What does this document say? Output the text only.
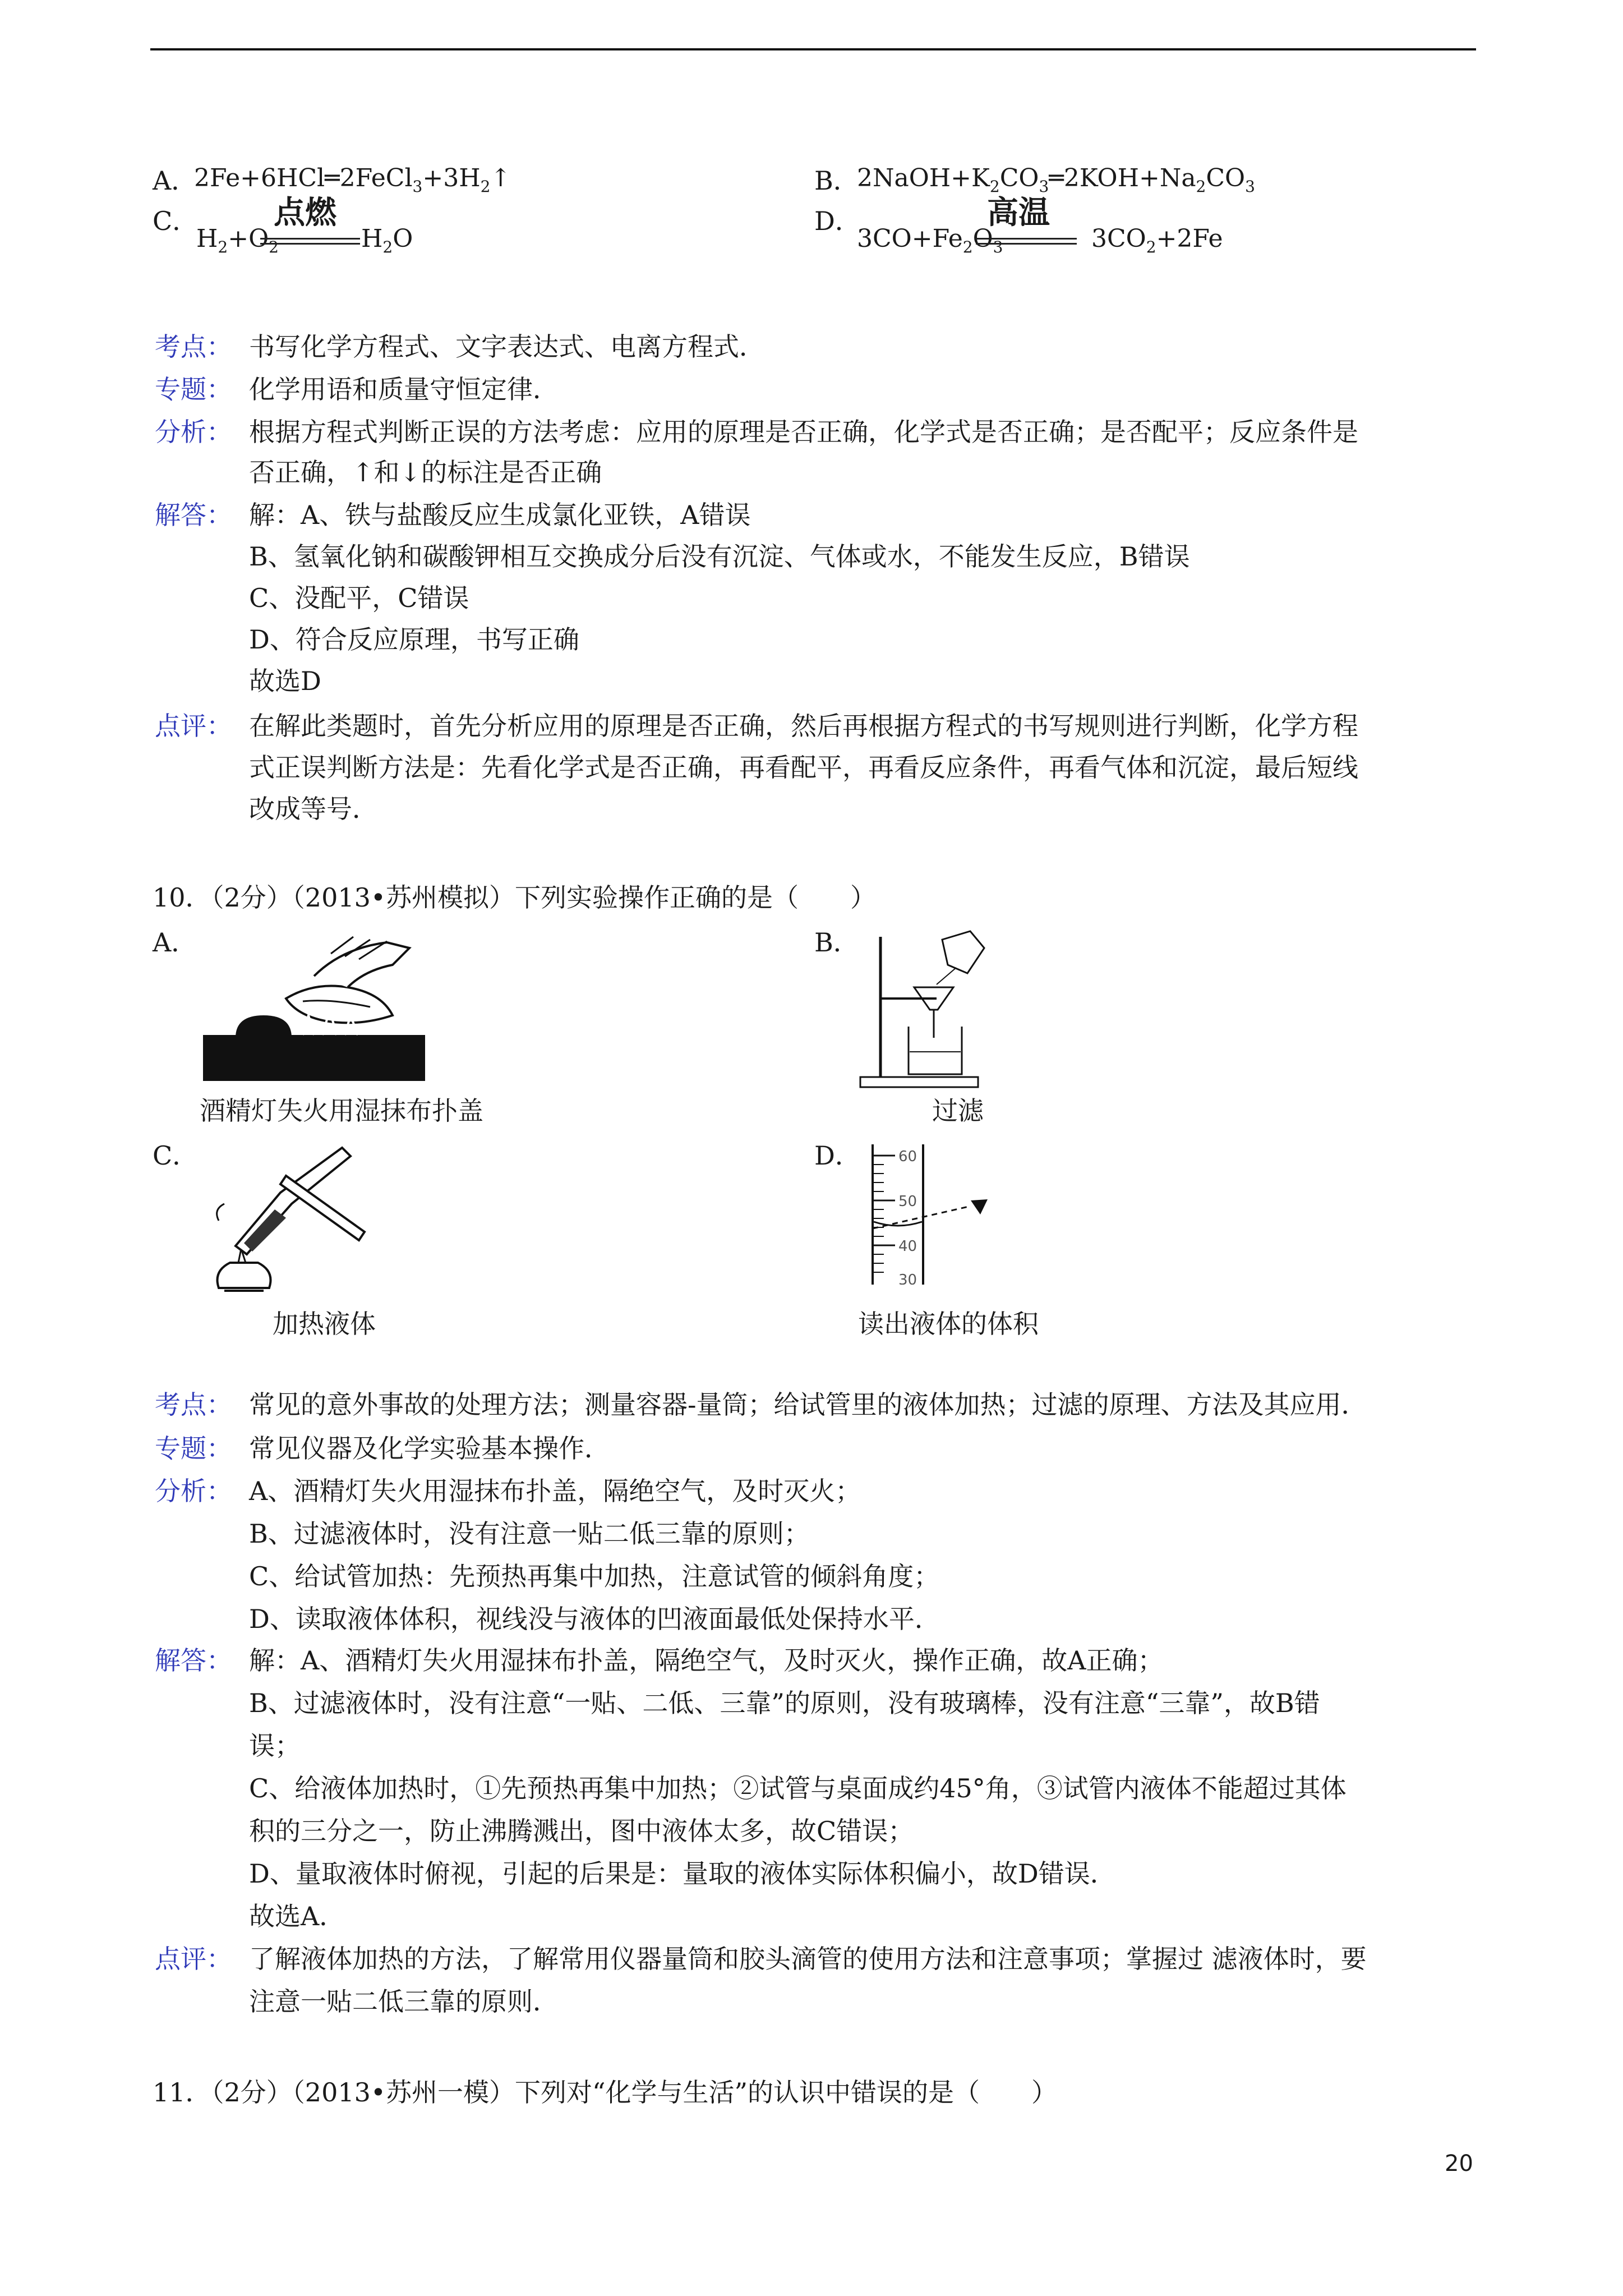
A．
$2Fe+6HCl═2FeCl_3+3H_2↑$	B．
$2NaOH+K_2CO_3═2KOH+Na_2CO_3$
C．
$H_2+O_2$
点燃
$H_2O$
D．
$3CO+Fe_2O_3$
高温
$3CO_2+2Fe$
考点： 书写化学方程式、文字表达式、电离方程式．
专题： 化学用语和质量守恒定律．
分析： 根据方程式判断正误的方法考虑：应用的原理是否正确，化学式是否正确；是否配平；反应条件是
否正确，↑和↓的标注是否正确
解答： 解：A、铁与盐酸反应生成氯化亚铁，A错误
B、氢氧化钠和碳酸钾相互交换成分后没有沉淀、气体或水，不能发生反应，B错误
C、没配平，C错误
D、符合反应原理，书写正确
故选D
点评： 在解此类题时，首先分析应用的原理是否正确，然后再根据方程式的书写规则进行判断，化学方程
式正误判断方法是：先看化学式是否正确，再看配平，再看反应条件，再看气体和沉淀，最后短线
改成等号．
10．（2分）（2013•苏州模拟）下列实验操作正确的是（　　）
A．
酒精灯失火用湿抹布扑盖
B．
过滤
C．
加热液体
D．	60
50
40
30
读出液体的体积
考点： 常见的意外事故的处理方法；测量容器-量筒；给试管里的液体加热；过滤的原理、方法及其应用．
专题： 常见仪器及化学实验基本操作．
分析： A、酒精灯失火用湿抹布扑盖，隔绝空气，及时灭火；
B、过滤液体时，没有注意一贴二低三靠的原则；
C、给试管加热：先预热再集中加热，注意试管的倾斜角度；
D、读取液体体积，视线没与液体的凹液面最低处保持水平．
解答： 解：A、酒精灯失火用湿抹布扑盖，隔绝空气，及时灭火，操作正确，故A正确；
B、过滤液体时，没有注意“一贴、二低、三靠”的原则，没有玻璃棒，没有注意“三靠”，故B错
误；
C、给液体加热时，①先预热再集中加热；②试管与桌面成约45°角，③试管内液体不能超过其体
积的三分之一，防止沸腾溅出，图中液体太多，故C错误；
D、量取液体时俯视，引起的后果是：量取的液体实际体积偏小，故D错误．
故选A．
点评： 了解液体加热的方法，了解常用仪器量筒和胶头滴管的使用方法和注意事项；掌握过 滤液体时，要
注意一贴二低三靠的原则．
11．（2分）（2013•苏州一模）下列对“化学与生活”的认识中错误的是（　　）
20
